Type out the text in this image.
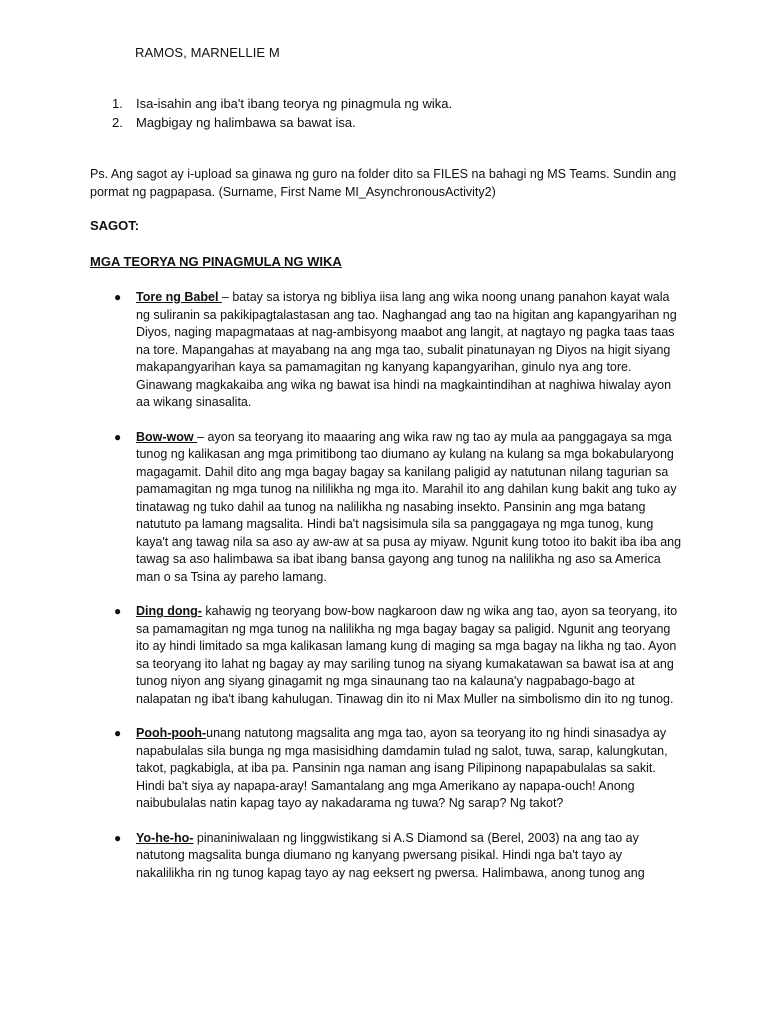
RAMOS, MARNELLIE M
1.	Isa-isahin ang iba't ibang teorya ng pinagmula ng wika.
2.	Magbigay ng halimbawa sa bawat isa.
Ps. Ang sagot ay i-upload sa ginawa ng guro na folder dito sa FILES na bahagi ng MS Teams. Sundin ang pormat ng pagpapasa. (Surname, First Name MI_AsynchronousActivity2)
SAGOT:
MGA TEORYA NG PINAGMULA NG WIKA
● Tore ng Babel – batay sa istorya ng bibliya iisa lang ang wika noong unang panahon kayat wala ng suliranin sa pakikipagtalastasan ang tao. Naghangad ang tao na higitan ang kapangyarihan ng Diyos, naging mapagmataas at nag-ambisyong maabot ang langit, at nagtayo ng pagka taas taas na tore. Mapangahas at mayabang na ang mga tao, subalit pinatunayan ng Diyos na higit siyang makapangyarihan kaya sa pamamagitan ng kanyang kapangyarihan, ginulo nya ang tore. Ginawang magkakaiba ang wika ng bawat isa hindi na magkaintindihan at naghiwa hiwalay ayon aa wikang sinasalita.
● Bow-wow – ayon sa teoryang ito maaaring ang wika raw ng tao ay mula aa panggagaya sa mga tunog ng kalikasan ang mga primitibong tao diumano ay kulang na kulang sa mga bokabularyong magagamit. Dahil dito ang mga bagay bagay sa kanilang paligid ay natutunan nilang tagurian sa pamamagitan ng mga tunog na nililikha ng mga ito. Marahil ito ang dahilan kung bakit ang tuko ay tinatawag ng tuko dahil aa tunog na nalilikha ng nasabing insekto. Pansinin ang mga batang natututo pa lamang magsalita. Hindi ba't nagsisimula sila sa panggagaya ng mga tunog, kung kaya't ang tawag nila sa aso ay aw-aw at sa pusa ay miyaw. Ngunit kung totoo ito bakit iba iba ang tawag sa aso halimbawa sa ibat ibang bansa gayong ang tunog na nalilikha ng aso sa America man o sa Tsina ay pareho lamang.
● Ding dong- kahawig ng teoryang bow-bow nagkaroon daw ng wika ang tao, ayon sa teoryang, ito sa pamamagitan ng mga tunog na nalilikha ng mga bagay bagay sa paligid. Ngunit ang teoryang ito ay hindi limitado sa mga kalikasan lamang kung di maging sa mga bagay na likha ng tao. Ayon sa teoryang ito lahat ng bagay ay may sariling tunog na siyang kumakatawan sa bawat isa at ang tunog niyon ang siyang ginagamit ng mga sinaunang tao na kalauna'y nagpabago-bago at nalapatan ng iba't ibang kahulugan. Tinawag din ito ni Max Muller na simbolismo din ito ng tunog.
● Pooh-pooh-unang natutong magsalita ang mga tao, ayon sa teoryang ito ng hindi sinasadya ay napabulalas sila bunga ng mga masisidhing damdamin tulad ng salot, tuwa, sarap, kalungkutan, takot, pagkabigla, at iba pa. Pansinin nga naman ang isang Pilipinong napapabulalas sa sakit. Hindi ba't siya ay napapa-aray! Samantalang ang mga Amerikano ay napapa-ouch! Anong naibubulalas natin kapag tayo ay nakadarama ng tuwa? Ng sarap? Ng takot?
● Yo-he-ho- pinaniniwalaan ng linggwistikang si A.S Diamond sa (Berel, 2003) na ang tao ay natutong magsalita bunga diumano ng kanyang pwersang pisikal. Hindi nga ba't tayo ay nakalilikha rin ng tunog kapag tayo ay nag eeksert ng pwersa. Halimbawa, anong tunog ang
